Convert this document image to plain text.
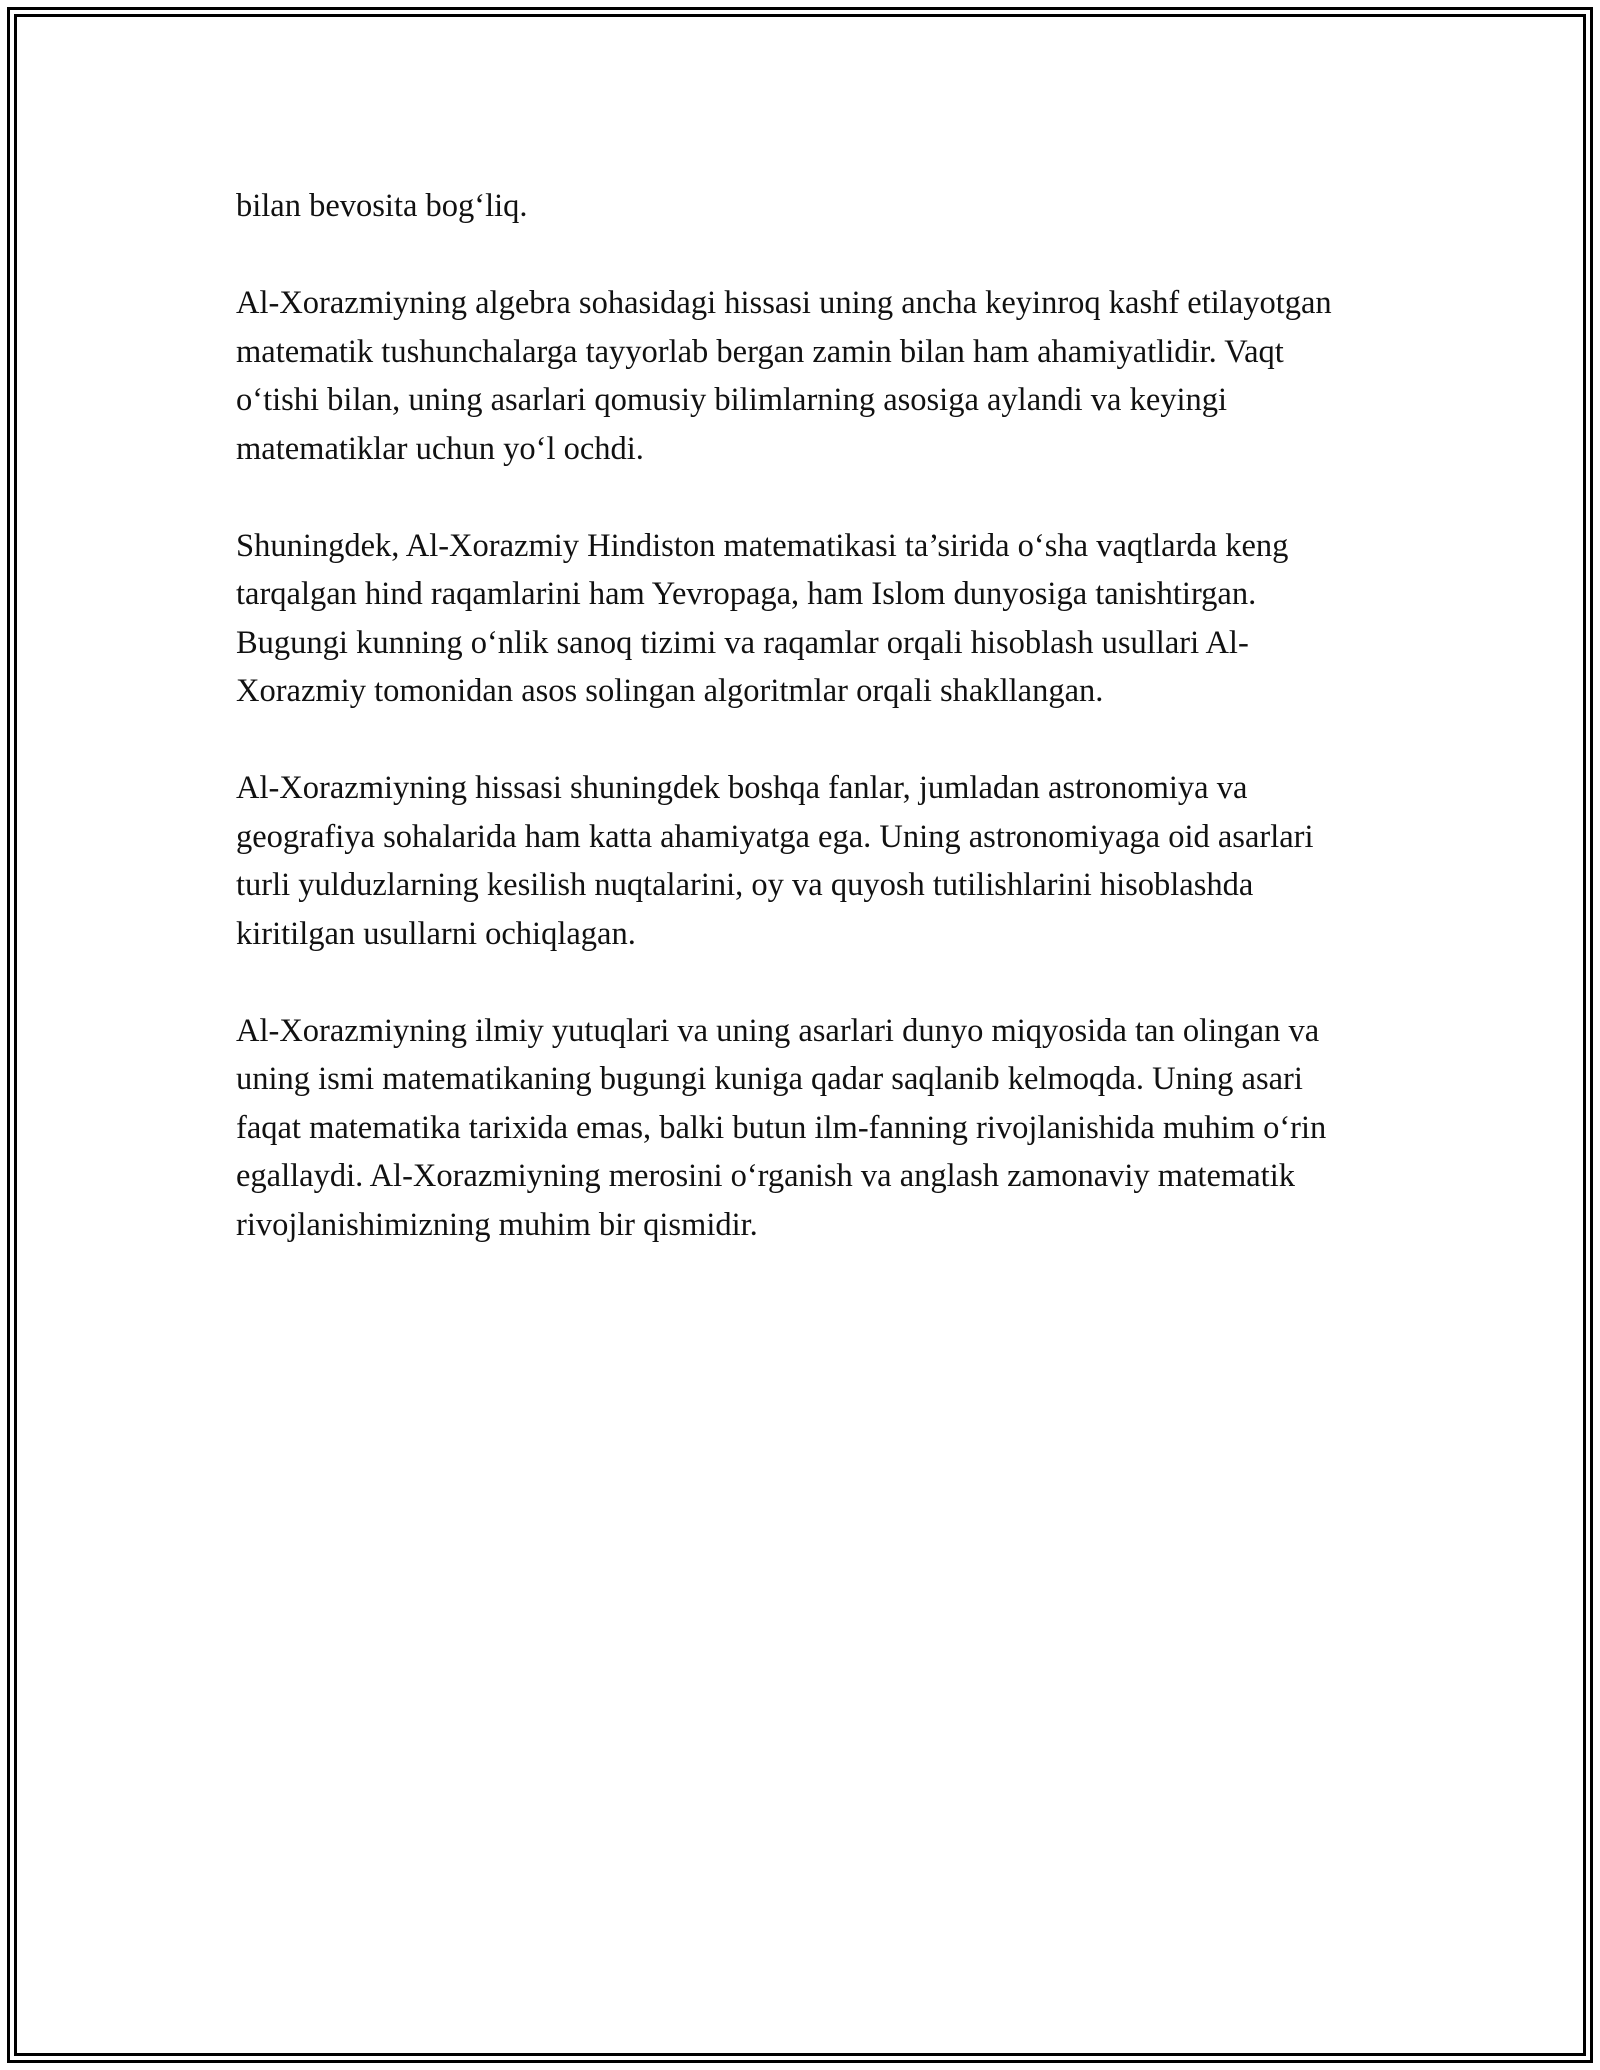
bilan bevosita bog‘liq.

Al-Xorazmiyning algebra sohasidagi hissasi uning ancha keyinroq kashf etilayotgan matematik tushunchalarga tayyorlab bergan zamin bilan ham ahamiyatlidir. Vaqt o‘tishi bilan, uning asarlari qomusiy bilimlarning asosiga aylandi va keyingi matematiklar uchun yo‘l ochdi.

Shuningdek, Al-Xorazmiy Hindiston matematikasi ta’sirida o‘sha vaqtlarda keng tarqalgan hind raqamlarini ham Yevropaga, ham Islom dunyosiga tanishtirgan. Bugungi kunning o‘nlik sanoq tizimi va raqamlar orqali hisoblash usullari Al-Xorazmiy tomonidan asos solingan algoritmlar orqali shakllangan.

Al-Xorazmiyning hissasi shuningdek boshqa fanlar, jumladan astronomiya va geografiya sohalarida ham katta ahamiyatga ega. Uning astronomiyaga oid asarlari turli yulduzlarning kesilish nuqtalarini, oy va quyosh tutilishlarini hisoblashda kiritilgan usullarni ochiqlagan.

Al-Xorazmiyning ilmiy yutuqlari va uning asarlari dunyo miqyosida tan olingan va uning ismi matematikaning bugungi kuniga qadar saqlanib kelmoqda. Uning asari faqat matematika tarixida emas, balki butun ilm-fanning rivojlanishida muhim o‘rin egallaydi. Al-Xorazmiyning merosini o‘rganish va anglash zamonaviy matematik rivojlanishimizning muhim bir qismidir.
